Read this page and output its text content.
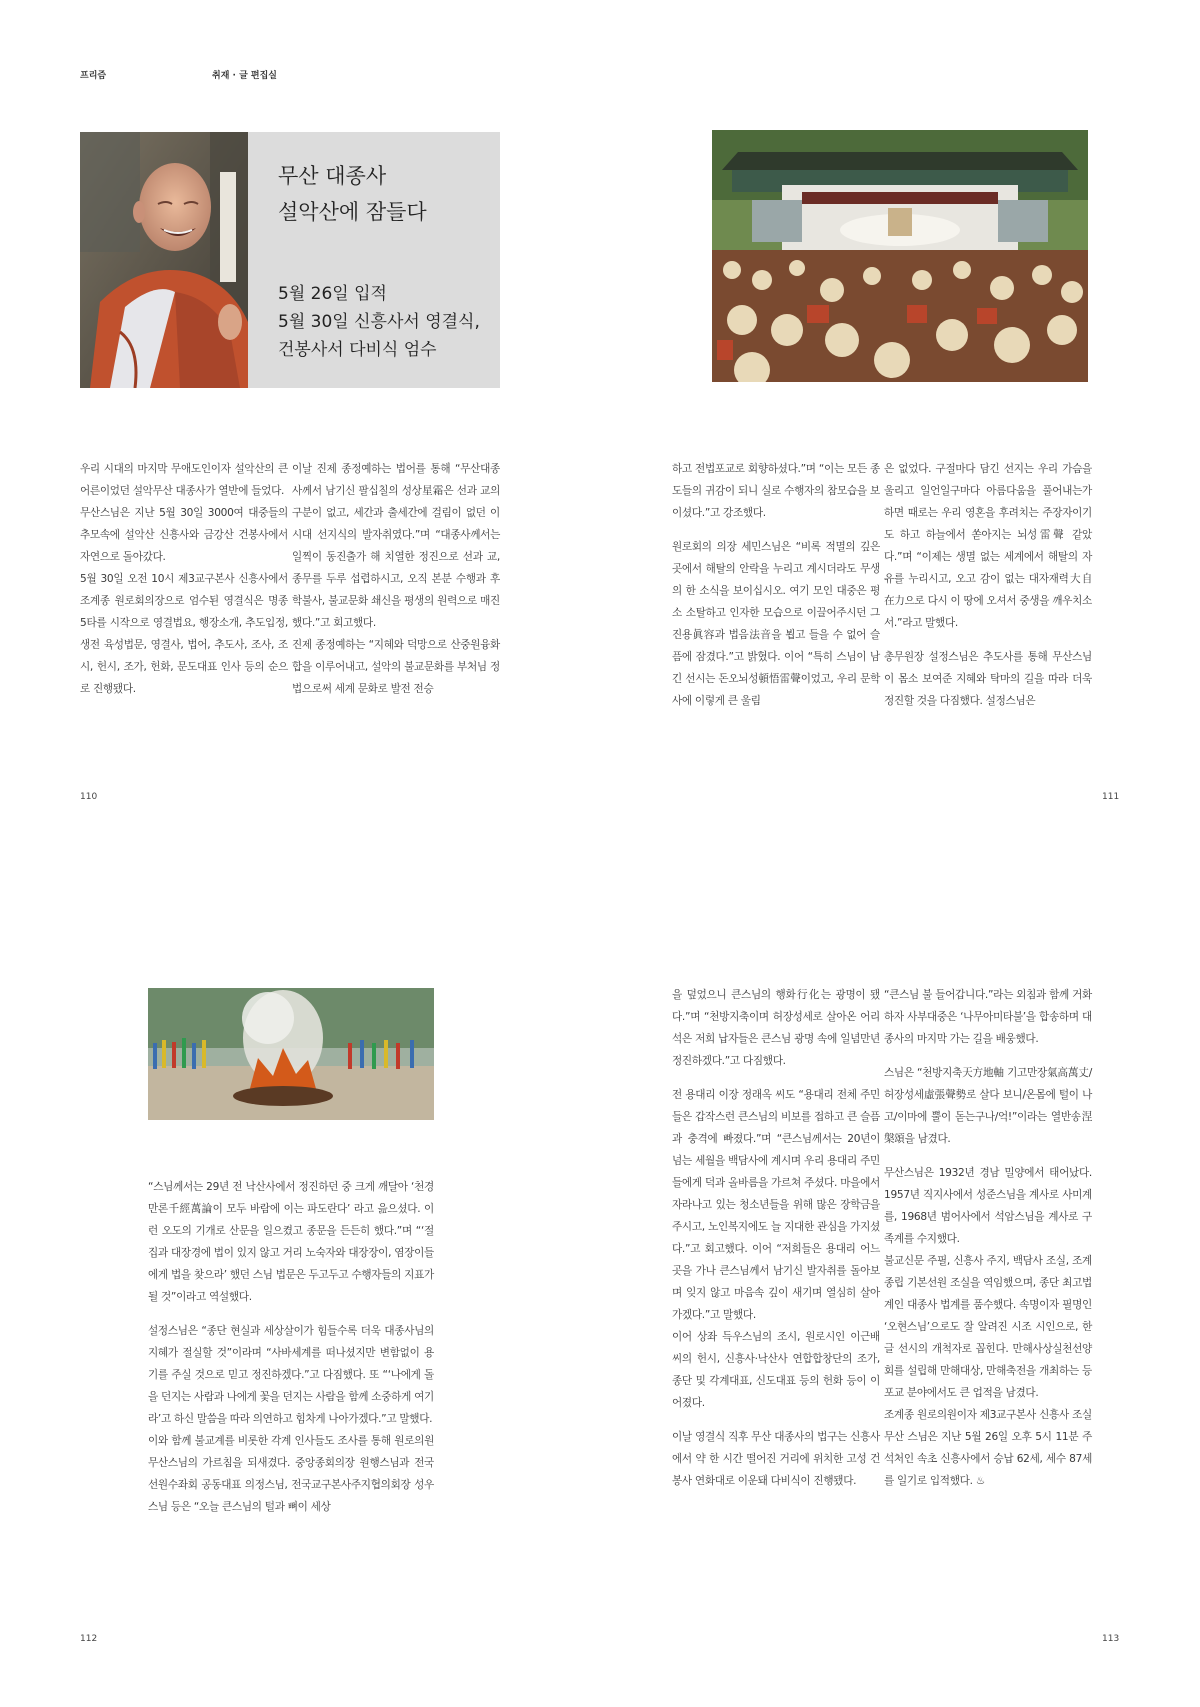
프리즘	취재 · 글 편집실
무산 대종사
설악산에 잠들다
5월 26일 입적
5월 30일 신흥사서 영결식,
건봉사서 다비식 엄수

우리 시대의 마지막 무애도인이자 설악산의 큰어른이었던 설악무산 대종사가 열반에 들었다.

무산스님은 지난 5월 30일 3000여 대중들의 추모속에 설악산 신흥사와 금강산 건봉사에서 자연으로 돌아갔다.

5월 30일 오전 10시 제3교구본사 신흥사에서 조계종 원로회의장으로 엄수된 영결식은 명종 5타를 시작으로 영결법요, 행장소개, 추도입정, 생전 육성법문, 영결사, 법어, 추도사, 조사, 조시, 헌시, 조가, 헌화, 문도대표 인사 등의 순으로 진행됐다.

이날 진제 종정예하는 법어를 통해 “무산대종사께서 남기신 팔십칠의 성상星霜은 선과 교의 구분이 없고, 세간과 출세간에 걸림이 없던 이 시대 선지식의 발자취였다.”며 “대종사께서는 일찍이 동진출가 해 치열한 정진으로 선과 교, 종무를 두루 섭렵하시고, 오직 본분 수행과 후학불사, 불교문화 쇄신을 평생의 원력으로 매진했다.”고 회고했다.

진제 종정예하는 “지혜와 덕망으로 산중원융화합을 이루어내고, 설악의 불교문화를 부처님 정법으로써 세계 문화로 발전 전승

하고 전법포교로 회향하셨다.”며 “이는 모든 종도들의 귀감이 되니 실로 수행자의 참모습을 보이셨다.”고 강조했다.

원로회의 의장 세민스님은 “비록 적멸의 깊은 곳에서 해탈의 안락을 누리고 계시더라도 무생의 한 소식을 보이십시오. 여기 모인 대중은 평소 소탈하고 인자한 모습으로 이끌어주시던 그 진용眞容과 법음法音을 뵙고 들을 수 없어 슬픔에 잠겼다.”고 밝혔다. 이어 “특히 스님이 남긴 선시는 돈오뇌성頓悟雷聲이었고, 우리 문학사에 이렇게 큰 울림

은 없었다. 구절마다 담긴 선지는 우리 가슴을 울리고 일언일구마다 아름다움을 풀어내는가 하면 때로는 우리 영혼을 후려치는 주장자이기도 하고 하늘에서 쏟아지는 뇌성雷聲 같았다.”며 “이제는 생멸 없는 세계에서 해탈의 자유를 누리시고, 오고 감이 없는 대자재력大自在力으로 다시 이 땅에 오셔서 중생을 깨우치소서.”라고 말했다.

총무원장 설정스님은 추도사를 통해 무산스님이 몸소 보여준 지혜와 탁마의 길을 따라 더욱 정진할 것을 다짐했다. 설정스님은

“스님께서는 29년 전 낙산사에서 정진하던 중 크게 깨달아 ‘천경만론千經萬論이 모두 바람에 이는 파도란다’ 라고 읊으셨다. 이런 오도의 기개로 산문을 일으켰고 종문을 든든히 했다.”며 “‘절집과 대장경에 법이 있지 않고 거리 노숙자와 대장장이, 염장이들에게 법을 찾으라’ 했던 스님 법문은 두고두고 수행자들의 지표가 될 것”이라고 역설했다.

설정스님은 “종단 현실과 세상살이가 힘들수록 더욱 대종사님의 지혜가 절실할 것”이라며 “사바세계를 떠나셨지만 변함없이 용기를 주실 것으로 믿고 정진하겠다.”고 다짐했다. 또 “‘나에게 돌을 던지는 사람과 나에게 꽃을 던지는 사람을 함께 소중하게 여기라’고 하신 말씀을 따라 의연하고 힘차게 나아가겠다.”고 말했다.

이와 함께 불교계를 비롯한 각계 인사들도 조사를 통해 원로의원 무산스님의 가르침을 되새겼다. 중앙종회의장 원행스님과 전국선원수좌회 공동대표 의정스님, 전국교구본사주지협의회장 성우스님 등은 “오늘 큰스님의 털과 뼈이 세상

을 덮었으니 큰스님의 행화行化는 광명이 됐다.”며 “천방지축이며 허장성세로 살아온 어리석은 저희 납자들은 큰스님 광명 속에 일념만년 정진하겠다.”고 다짐했다.

전 용대리 이장 정래옥 씨도 “용대리 전체 주민들은 갑작스런 큰스님의 비보를 접하고 큰 슬픔과 충격에 빠졌다.”며 “큰스님께서는 20년이 넘는 세월을 백담사에 계시며 우리 용대리 주민들에게 덕과 올바름을 가르쳐 주셨다. 마을에서 자라나고 있는 청소년들을 위해 많은 장학금을 주시고, 노인복지에도 늘 지대한 관심을 가지셨다.”고 회고했다. 이어 “저희들은 용대리 어느 곳을 가나 큰스님께서 남기신 발자취를 돌아보며 잊지 않고 마음속 깊이 새기며 열심히 살아가겠다.”고 말했다.

이어 상좌 득우스님의 조시, 원로시인 이근배 씨의 헌시, 신흥사·낙산사 연합합창단의 조가, 종단 및 각계대표, 신도대표 등의 헌화 등이 이어졌다.

이날 영결식 직후 무산 대종사의 법구는 신흥사에서 약 한 시간 떨어진 거리에 위치한 고성 건봉사 연화대로 이운돼 다비식이 진행됐다.

“큰스님 불 들어갑니다.”라는 외침과 함께 거화하자 사부대중은 ‘나무아미타불’을 합송하며 대종사의 마지막 가는 길을 배웅했다.

스님은 “천방지축天方地軸 기고만장氣高萬丈/허장성세虛張聲勢로 살다 보니/온몸에 털이 나고/이마에 뿔이 돋는구나/억!”이라는 열반송涅槃頌을 남겼다.

무산스님은 1932년 경남 밀양에서 태어났다. 1957년 직지사에서 성준스님을 계사로 사미계를, 1968년 범어사에서 석암스님을 계사로 구족계를 수지했다.

불교신문 주필, 신흥사 주지, 백담사 조실, 조계종립 기본선원 조실을 역임했으며, 종단 최고법계인 대종사 법계를 품수했다. 속명이자 필명인 ‘오현스님’으로도 잘 알려진 시조 시인으로, 한글 선시의 개척자로 꼽힌다. 만해사상실천선양회를 설립해 만해대상, 만해축전을 개최하는 등 포교 분야에서도 큰 업적을 남겼다.

조계종 원로의원이자 제3교구본사 신흥사 조실 무산 스님은 지난 5월 26일 오후 5시 11분 주석처인 속초 신흥사에서 승납 62세, 세수 87세를 일기로 입적했다. ♨

110	111
112	113
